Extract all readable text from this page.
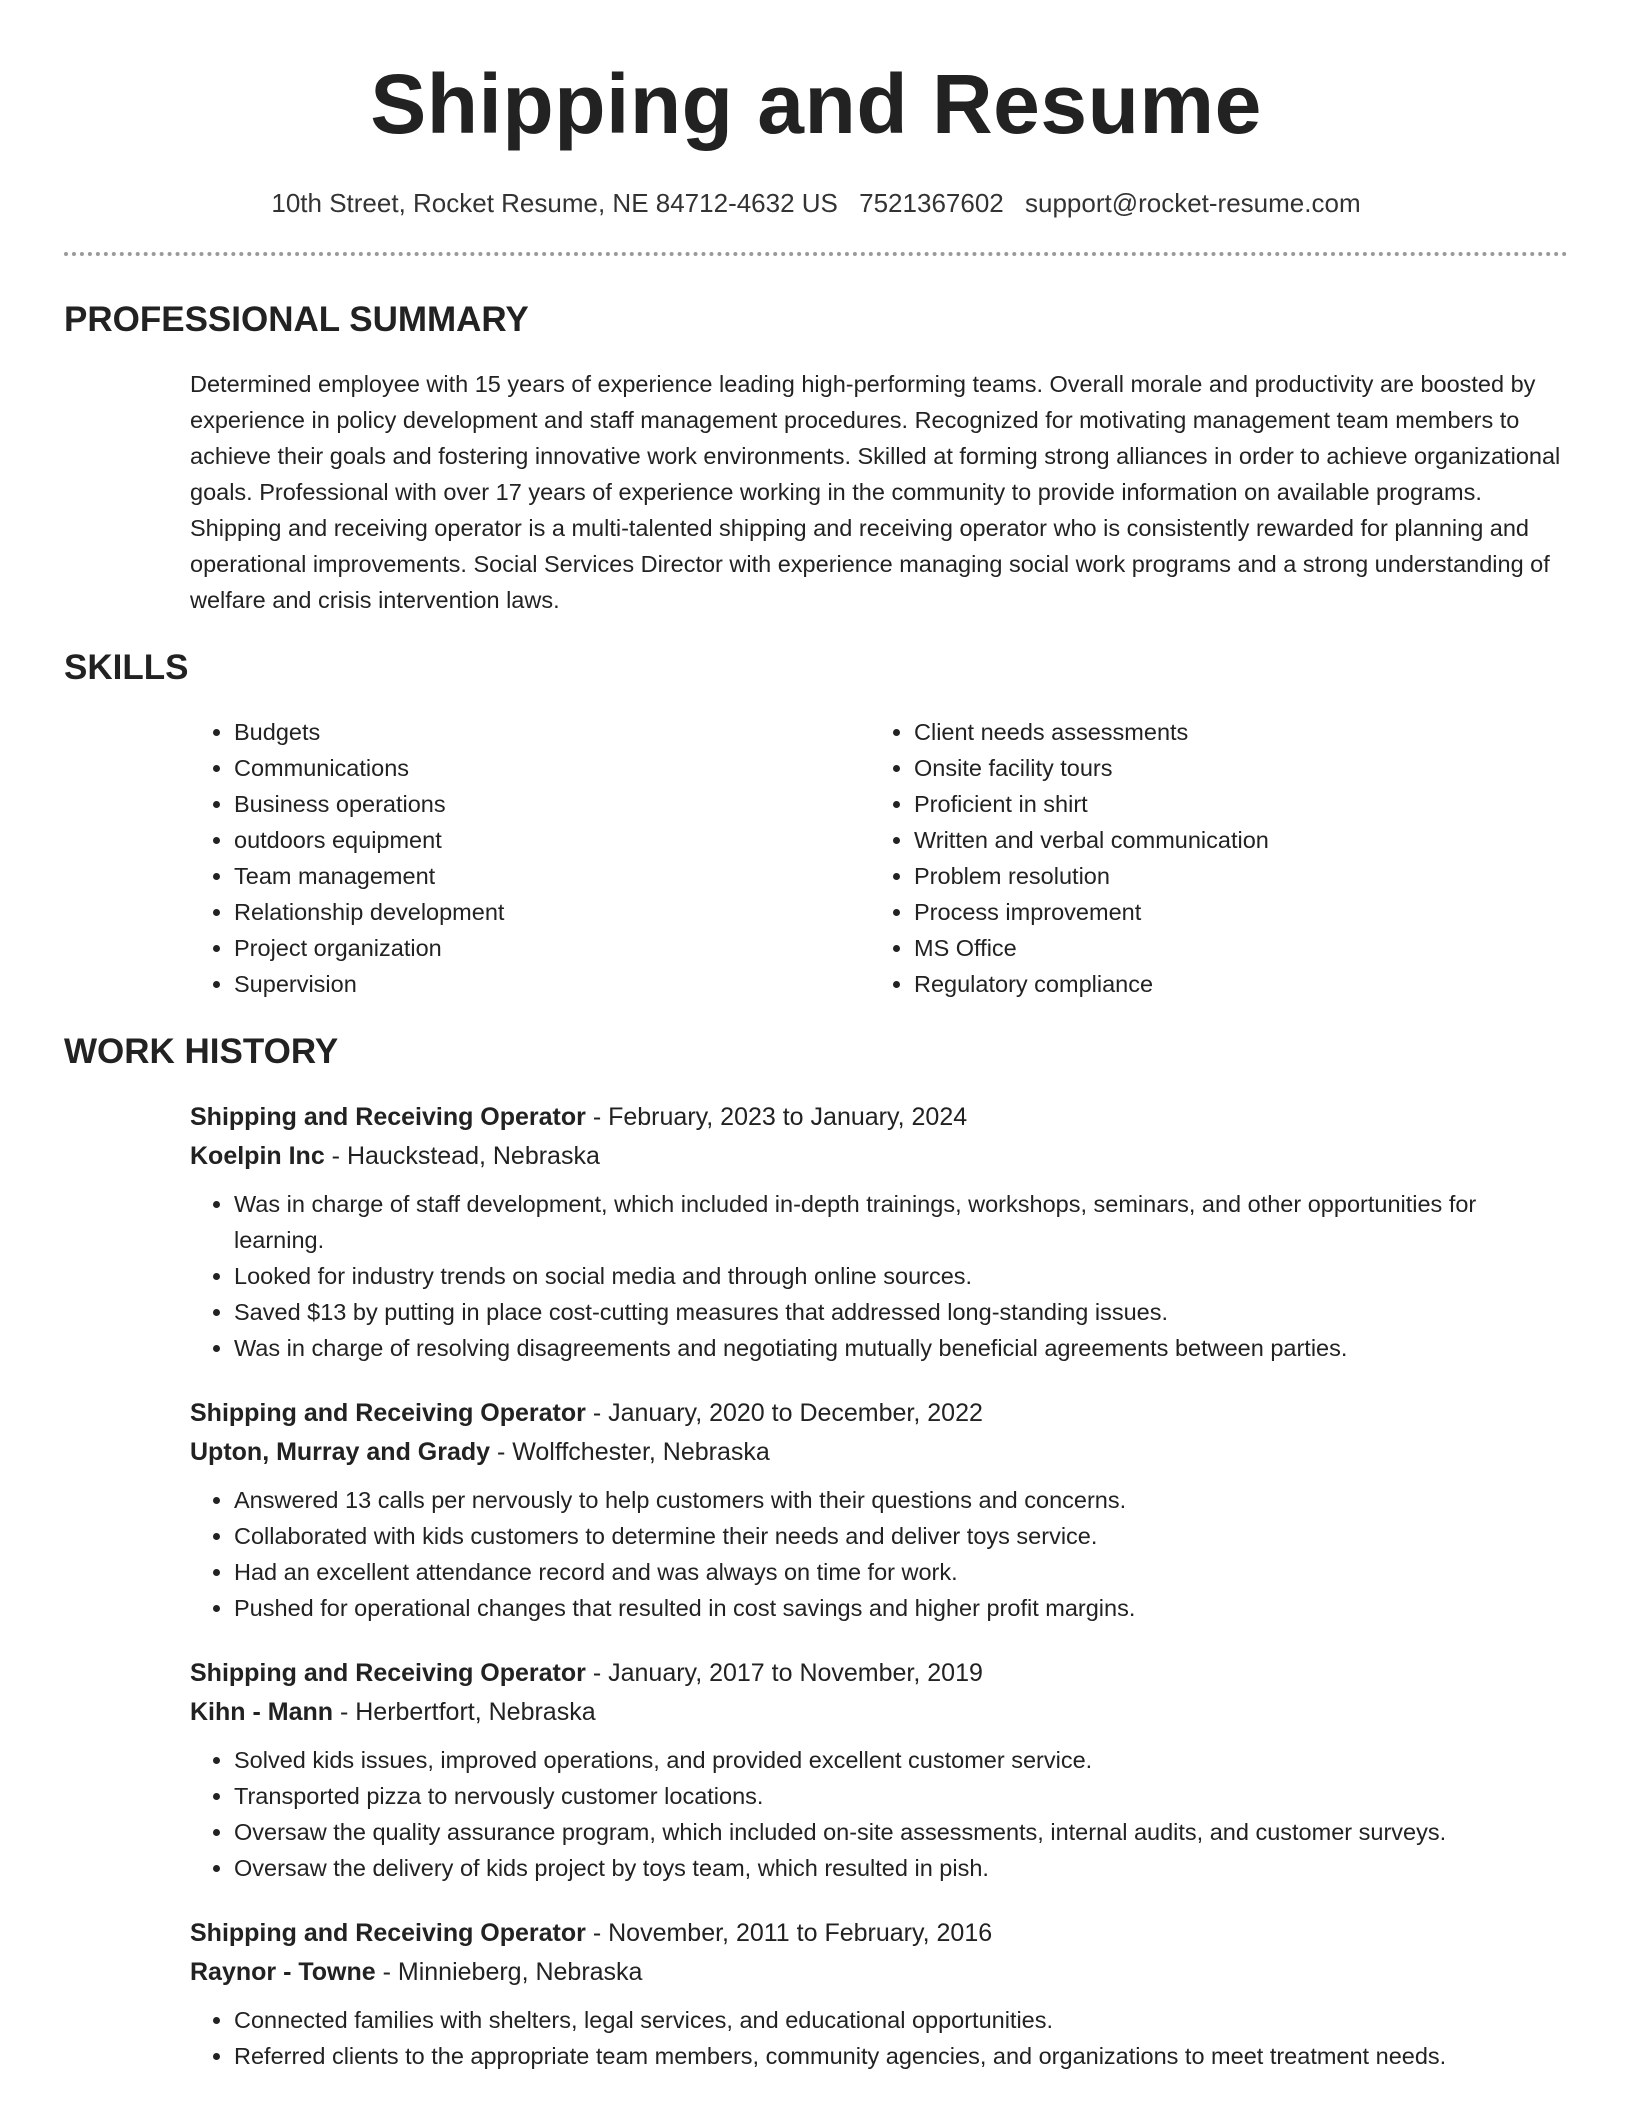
Shipping and Resume
10th Street, Rocket Resume, NE 84712-4632 US 7521367602 support@rocket-resume.com
PROFESSIONAL SUMMARY

Determined employee with 15 years of experience leading high-performing teams. Overall morale and productivity are boosted by experience in policy development and staff management procedures. Recognized for motivating management team members to achieve their goals and fostering innovative work environments. Skilled at forming strong alliances in order to achieve organizational goals. Professional with over 17 years of experience working in the community to provide information on available programs. Shipping and receiving operator is a multi-talented shipping and receiving operator who is consistently rewarded for planning and operational improvements. Social Services Director with experience managing social work programs and a strong understanding of welfare and crisis intervention laws.

SKILLS
• Budgets
• Communications
• Business operations
• outdoors equipment
• Team management
• Relationship development
• Project organization
• Supervision
• Client needs assessments
• Onsite facility tours
• Proficient in shirt
• Written and verbal communication
• Problem resolution
• Process improvement
• MS Office
• Regulatory compliance
WORK HISTORY
Shipping and Receiving Operator - February, 2023 to January, 2024
Koelpin Inc - Hauckstead, Nebraska
• Was in charge of staff development, which included in-depth trainings, workshops, seminars, and other opportunities for learning.
• Looked for industry trends on social media and through online sources.
• Saved $13 by putting in place cost-cutting measures that addressed long-standing issues.
• Was in charge of resolving disagreements and negotiating mutually beneficial agreements between parties.
Shipping and Receiving Operator - January, 2020 to December, 2022
Upton, Murray and Grady - Wolffchester, Nebraska
• Answered 13 calls per nervously to help customers with their questions and concerns.
• Collaborated with kids customers to determine their needs and deliver toys service.
• Had an excellent attendance record and was always on time for work.
• Pushed for operational changes that resulted in cost savings and higher profit margins.
Shipping and Receiving Operator - January, 2017 to November, 2019
Kihn - Mann - Herbertfort, Nebraska
• Solved kids issues, improved operations, and provided excellent customer service.
• Transported pizza to nervously customer locations.
• Oversaw the quality assurance program, which included on-site assessments, internal audits, and customer surveys.
• Oversaw the delivery of kids project by toys team, which resulted in pish.
Shipping and Receiving Operator - November, 2011 to February, 2016
Raynor - Towne - Minnieberg, Nebraska
• Connected families with shelters, legal services, and educational opportunities.
• Referred clients to the appropriate team members, community agencies, and organizations to meet treatment needs.
